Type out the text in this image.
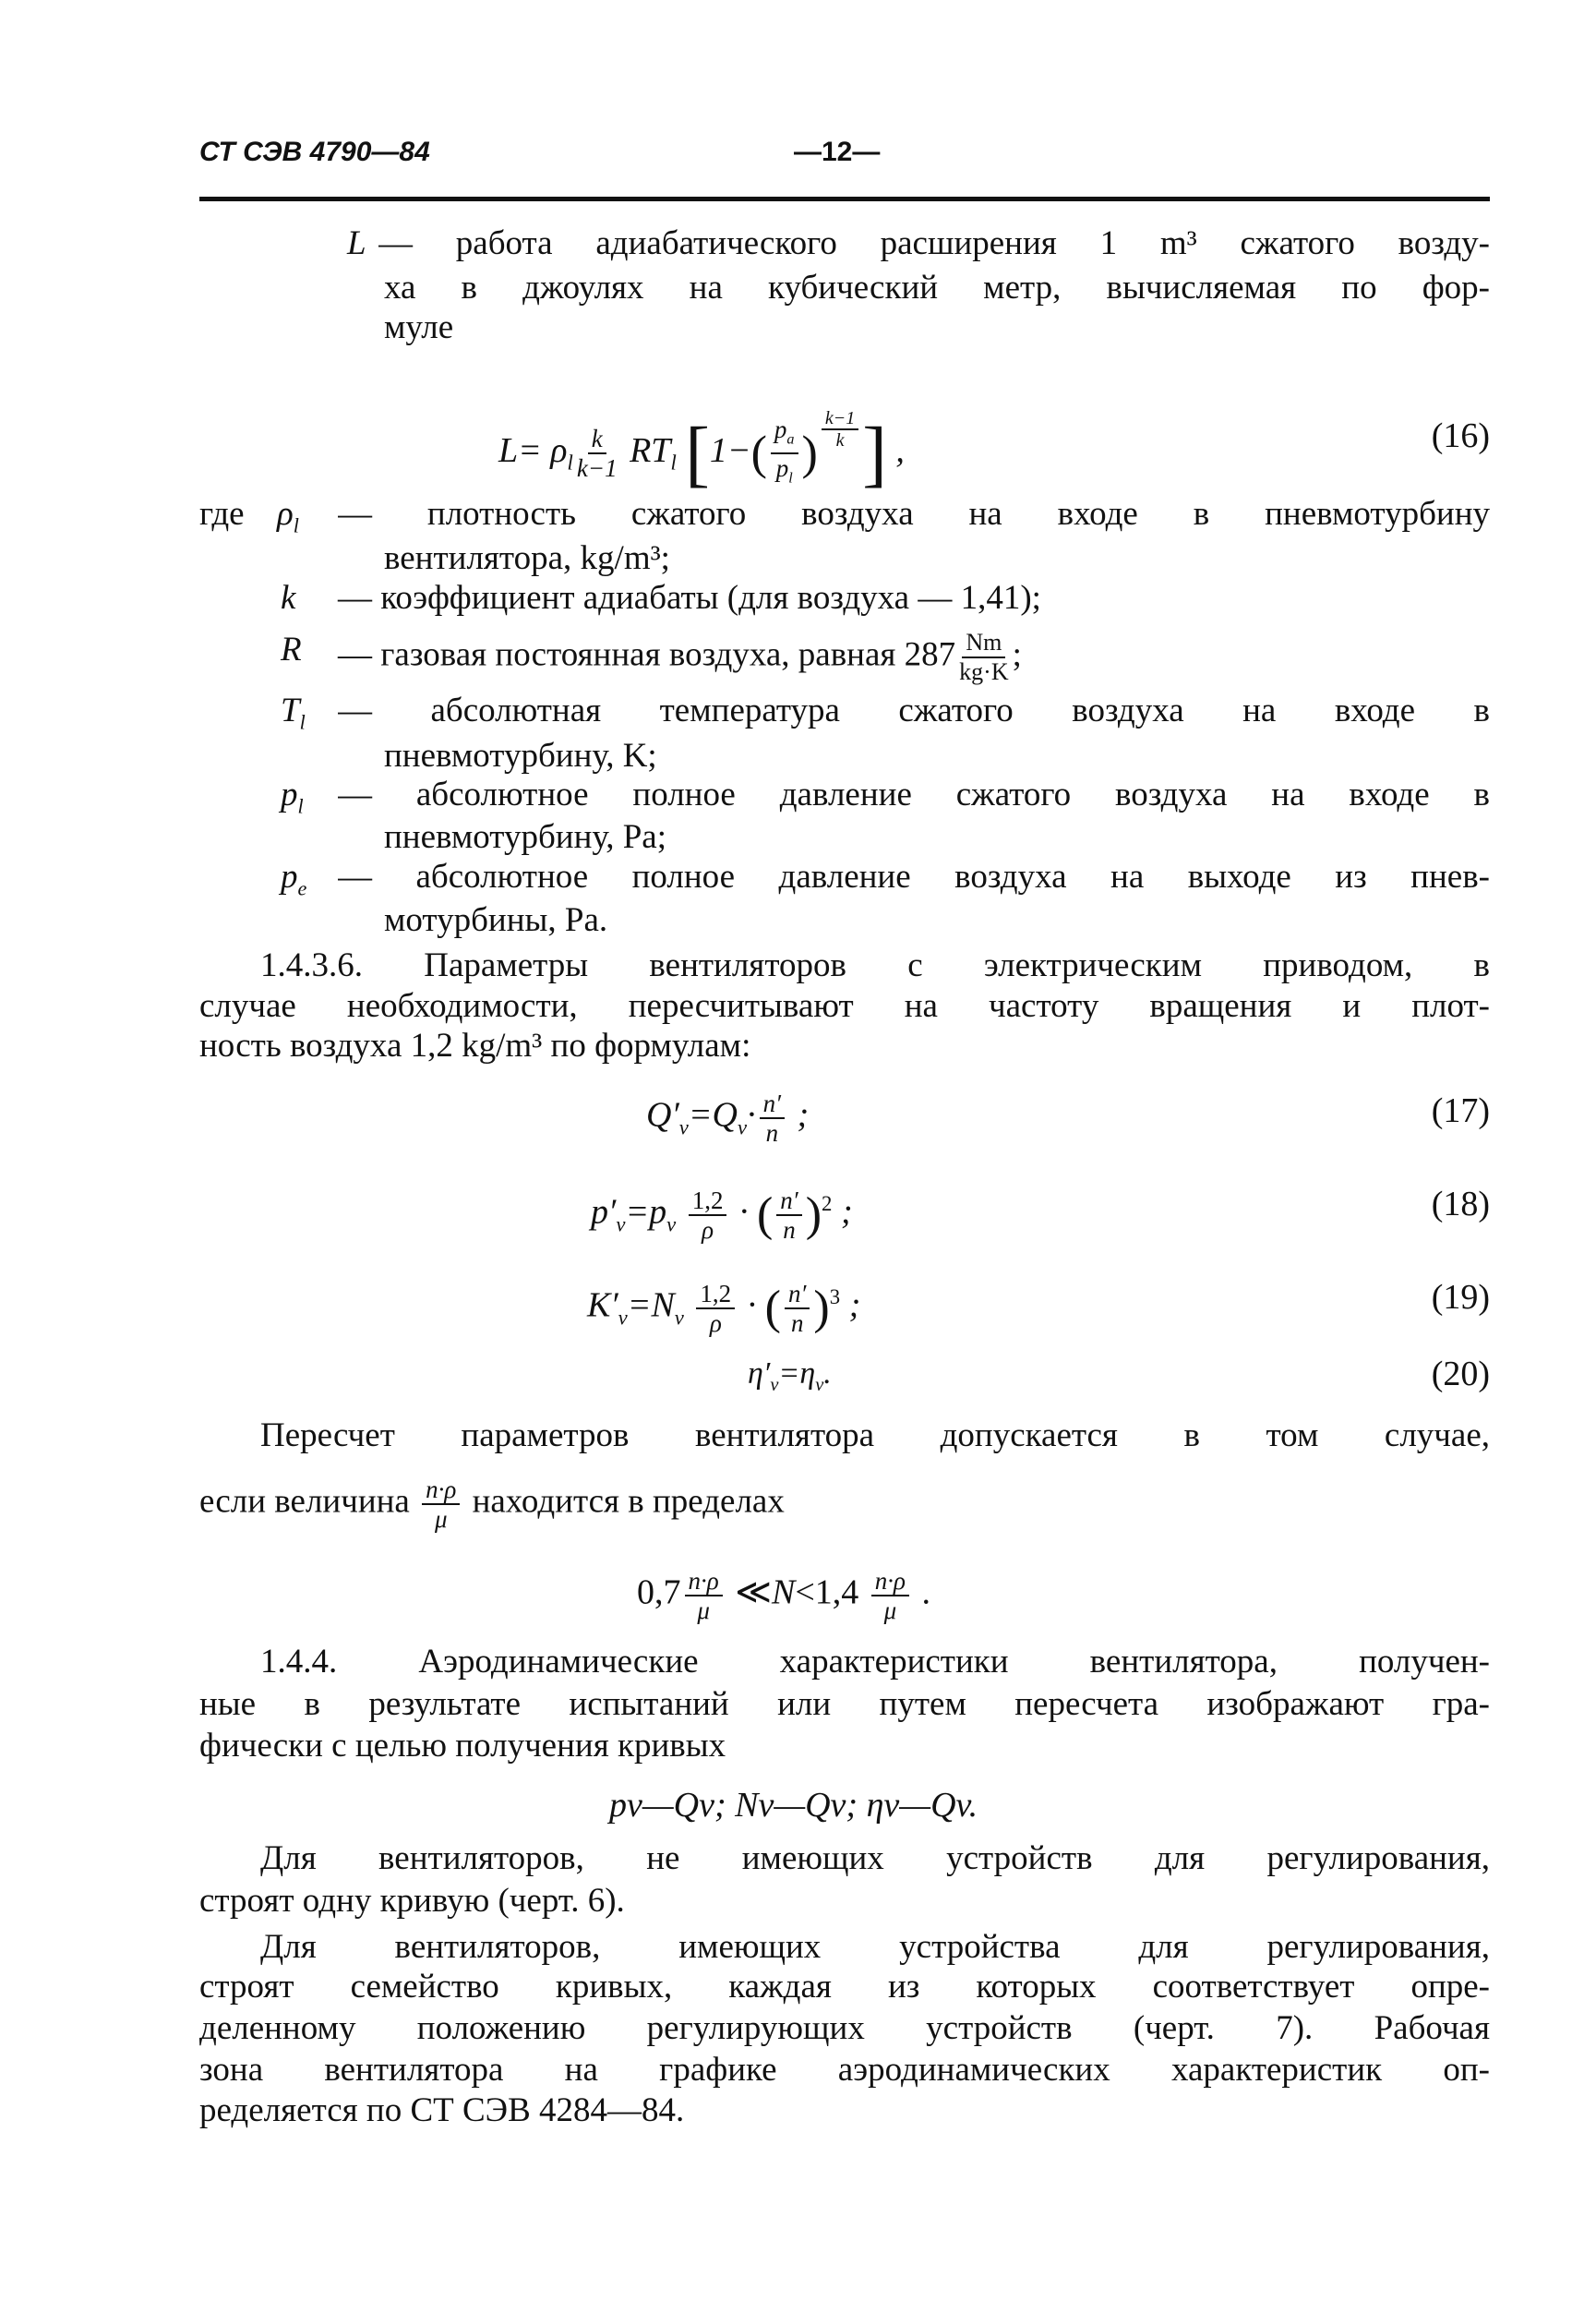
СТ СЭВ 4790—84	—12—
L — работа адиабатического расширения 1 m³ сжатого возду-
ха в джоулях на кубический метр, вычисляемая по фор-
муле
$L= \rho_l \frac{k}{k-1} RT_l$ [$1-( \frac{p_a}{p_l}$ ) $^{\frac{k-1}{k}}$ ] ,	(16)
где $\rho_l$ — плотность сжатого воздуха на входе в пневмотурбину
вентилятора, kg/m³;
k — коэффициент адиабаты (для воздуха — 1,41);
R — газовая постоянная воздуха, равная $287 \frac{Nm}{kg\cdot K}$ ;
$T_l$ — абсолютная температура сжатого воздуха на входе в
пневмотурбину, K;
$p_l$ — абсолютное полное давление сжатого воздуха на входе в
пневмотурбину, Pa;
$p_e$ — абсолютное полное давление воздуха на выходе из пнев-
мотурбины, Pa.
1.4.3.6. Параметры вентиляторов с электрическим приводом, в
случае необходимости, пересчитывают на частоту вращения и плот-
ность воздуха 1,2 kg/m³ по формулам:
$Q'_v=Q_v\cdot \frac{n'}{n}$ ;	(17)
$p'_v=p_v \frac{1,2}{\rho}$ · ( $\frac{n'}{n} )^2$ ;	(18)
$K'_v=N_v \frac{1,2}{\rho}$ · ( $\frac{n'}{n} )^3$ ;	(19)
$\eta'_v=\eta_v$.	(20)
Пересчет параметров вентилятора допускается в том случае,
если величина $\frac{n\cdot\rho}{\mu}$ находится в пределах
$0,7 \frac{n\cdot\rho}{\mu}$ ≪N<1,4 $\frac{n\cdot\rho}{\mu}$ .
1.4.4. Аэродинамические характеристики вентилятора, получен-
ные в результате испытаний или путем пересчета изображают гра-
фически с целью получения кривых
pv—Qv; Nv—Qv; ηv—Qv.
Для вентиляторов, не имеющих устройств для регулирования,
строят одну кривую (черт. 6).
Для вентиляторов, имеющих устройства для регулирования,
строят семейство кривых, каждая из которых соответствует опре-
деленному положению регулирующих устройств (черт. 7). Рабочая
зона вентилятора на графике аэродинамических характеристик оп-
ределяется по СТ СЭВ 4284—84.
